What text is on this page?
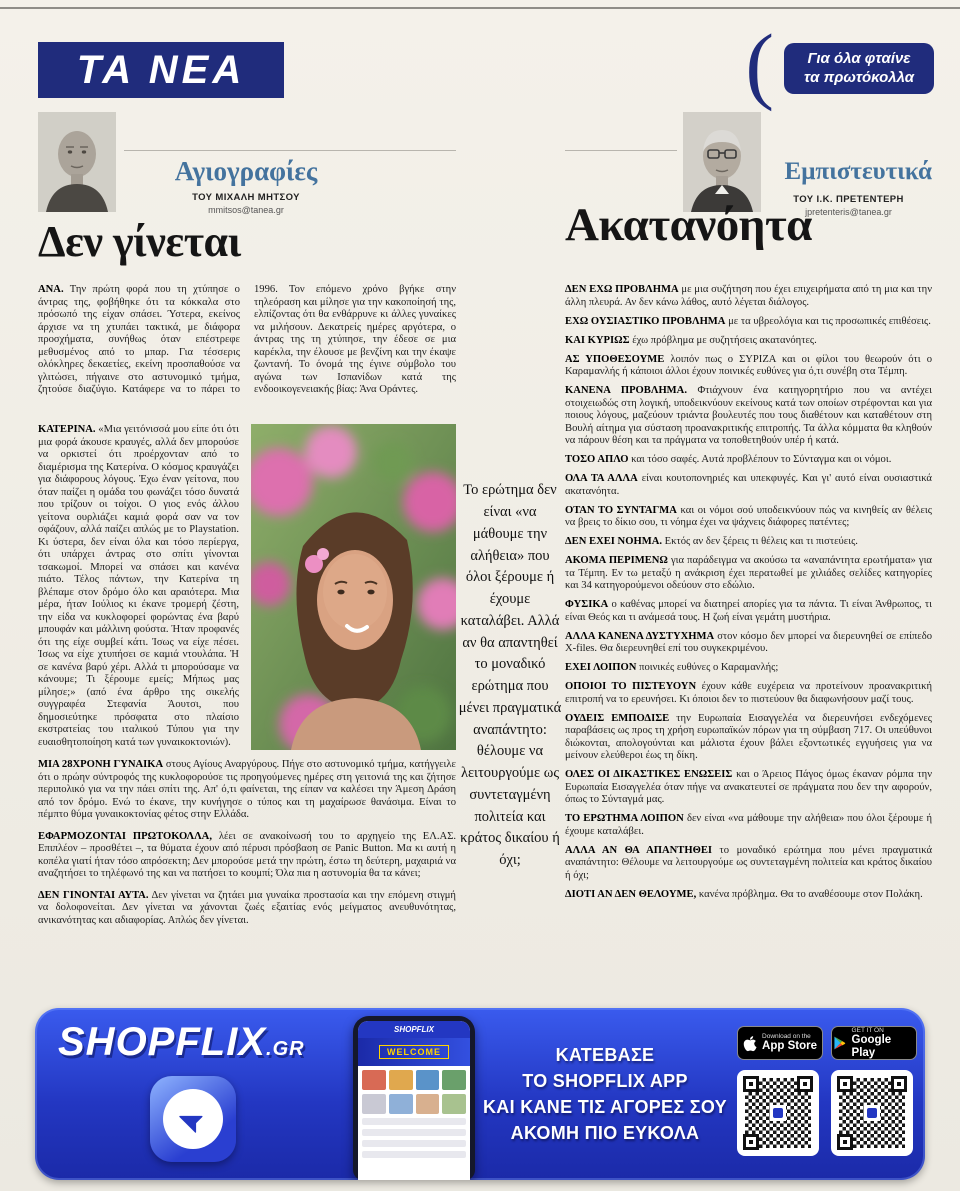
ΤΑ ΝΕΑ	(	Για όλα φταίνε
τα πρωτόκολλα
Αγιογραφίες
ΤΟΥ ΜΙΧΑΛΗ ΜΗΤΣΟΥ
mmitsos@tanea.gr
Εμπιστευτικά
ΤΟΥ Ι.Κ. ΠΡΕΤΕΝΤΕΡΗ
jpretenteris@tanea.gr
Δεν γίνεται	Ακατανόητα

ΑΝΑ. Την πρώτη φορά που τη χτύπησε ο άντρας της, φοβήθηκε ότι τα κόκκαλα στο πρόσωπό της είχαν σπάσει. Ύστερα, εκείνος άρχισε να τη χτυπάει τακτικά, με διάφορα προσχήματα, συνήθως όταν επέστρεφε μεθυσμένος από το μπαρ. Για τέσσερις ολόκληρες δεκαετίες, εκείνη προσπαθούσε να γλιτώσει, πήγαινε στο αστυνομικό τμήμα, ζητούσε διαζύγιο. Κατάφερε να το πάρει το 1996. Τον επόμενο χρόνο βγήκε στην τηλεόραση και μίλησε για την κακοποίησή της, ελπίζοντας ότι θα ενθάρρυνε κι άλλες γυναίκες να μιλήσουν. Δεκατρείς ημέρες αργότερα, ο άντρας της τη χτύπησε, την έδεσε σε μια καρέκλα, την έλουσε με βενζίνη και την έκαψε ζωντανή. Το όνομά της έγινε σύμβολο του αγώνα των Ισπανίδων κατά της ενδοοικογενειακής βίας: Άνα Οράντες.

ΚΑΤΕΡΙΝΑ. «Μια γειτόνισσά μου είπε ότι ότι μια φορά άκουσε κραυγές, αλλά δεν μπορούσε να ορκιστεί ότι προέρχονταν από το διαμέρισμα της Κατερίνα. Ο κόσμος κραυγάζει για διάφορους λόγους. Έχω έναν γείτονα, που όταν παίζει η ομάδα του φωνάζει τόσο δυνατά που τρίζουν οι τοίχοι. Ο γιος ενός άλλου γείτονα ουρλιάζει καμιά φορά σαν να τον σφάζουν, αλλά παίζει απλώς με το Playstation. Κι ύστερα, δεν είναι όλα και τόσο περίεργα, ότι υπάρχει άντρας στο σπίτι γίνονται τσακωμοί. Μπορεί να σπάσει και κανένα πιάτο. Τέλος πάντων, την Κατερίνα τη βλέπαμε στον δρόμο όλο και αραιότερα. Μια μέρα, ήταν Ιούλιος κι έκανε τρομερή ζέστη, την είδα να κυκλοφορεί φορώντας ένα βαρύ μπουφάν και μάλλινη φούστα. Ήταν προφανές ότι της είχε συμβεί κάτι. Ίσως να είχε πέσει. Ίσως να είχε χτυπήσει σε καμιά ντουλάπα. Ή σε κανένα βαρύ χέρι. Αλλά τι μπορούσαμε να κάνουμε; Τι ξέρουμε εμείς; Μήπως μας μίλησε;» (από ένα άρθρο της σικελής συγγραφέα Στεφανία Άουτσι, που δημοσιεύτηκε πρόσφατα στο πλαίσιο εκστρατείας του ιταλικού Τύπου για την ευαισθητοποίηση κατά των γυναικοκτονιών).

ΜΙΑ 28ΧΡΟΝΗ ΓΥΝΑΙΚΑ στους Αγίους Αναργύρους. Πήγε στο αστυνομικό τμήμα, κατήγγειλε ότι ο πρώην σύντροφός της κυκλοφορούσε τις προηγούμενες ημέρες στη γειτονιά της και ζήτησε περιπολικό για να την πάει σπίτι της. Απ' ό,τι φαίνεται, της είπαν να καλέσει την Άμεση Δράση από τον δρόμο. Ενώ το έκανε, την κυνήγησε ο τύπος και τη μαχαίρωσε θανάσιμα. Είναι το πέμπτο θύμα γυναικοκτονίας φέτος στην Ελλάδα.

ΕΦΑΡΜΟΖΟΝΤΑΙ ΠΡΩΤΟΚΟΛΛΑ, λέει σε ανακοίνωσή του το αρχηγείο της ΕΛ.ΑΣ. Επιπλέον – προσθέτει –, τα θύματα έχουν από πέρυσι πρόσβαση σε Panic Button. Μα κι αυτή η κοπέλα γιατί ήταν τόσο απρόσεκτη; Δεν μπορούσε μετά την πρώτη, έστω τη δεύτερη, μαχαιριά να αναζητήσει το τηλέφωνό της και να πατήσει το κουμπί; Όλα πια η αστυνομία θα τα κάνει;

ΔΕΝ ΓΙΝΟΝΤΑΙ ΑΥΤΑ. Δεν γίνεται να ζητάει μια γυναίκα προστασία και την επόμενη στιγμή να δολοφονείται. Δεν γίνεται να χάνονται ζωές εξαιτίας ενός μείγματος ανευθυνότητας, ανικανότητας και αδιαφορίας. Απλώς δεν γίνεται.

Το ερώτημα δεν είναι «να μάθουμε την αλήθεια» που όλοι ξέρουμε ή έχουμε καταλάβει. Αλλά αν θα απαντηθεί το μοναδικό ερώτημα που μένει πραγματικά αναπάντητο: θέλουμε να λειτουργούμε ως συντεταγμένη πολιτεία και κράτος δικαίου ή όχι;

ΔΕΝ ΕΧΩ ΠΡΟΒΛΗΜΑ με μια συζήτηση που έχει επιχειρήματα από τη μια και την άλλη πλευρά. Αν δεν κάνω λάθος, αυτό λέγεται διάλογος.

ΕΧΩ ΟΥΣΙΑΣΤΙΚΟ ΠΡΟΒΛΗΜΑ με τα υβρεολόγια και τις προσωπικές επιθέσεις.

ΚΑΙ ΚΥΡΙΩΣ έχω πρόβλημα με συζητήσεις ακατανόητες.

ΑΣ ΥΠΟΘΕΣΟΥΜΕ λοιπόν πως ο ΣΥΡΙΖΑ και οι φίλοι του θεωρούν ότι ο Καραμανλής ή κάποιοι άλλοι έχουν ποινικές ευθύνες για ό,τι συνέβη στα Τέμπη.

ΚΑΝΕΝΑ ΠΡΟΒΛΗΜΑ. Φτιάχνουν ένα κατηγορητήριο που να αντέχει στοιχειωδώς στη λογική, υποδεικνύουν εκείνους κατά των οποίων στρέφονται και για ποιους λόγους, μαζεύουν τριάντα βουλευτές που τους διαθέτουν και καταθέτουν στη Βουλή αίτημα για σύσταση προανακριτικής επιτροπής. Τα άλλα κόμματα θα κληθούν να πάρουν θέση και τα πράγματα να τοποθετηθούν υπέρ ή κατά.

ΤΟΣΟ ΑΠΛΟ και τόσο σαφές. Αυτά προβλέπουν το Σύνταγμα και οι νόμοι.

ΟΛΑ ΤΑ ΑΛΛΑ είναι κουτοπονηριές και υπεκφυγές. Και γι' αυτό είναι ουσιαστικά ακατανόητα.

ΟΤΑΝ ΤΟ ΣΥΝΤΑΓΜΑ και οι νόμοι σού υποδεικνύουν πώς να κινηθείς αν θέλεις να βρεις το δίκιο σου, τι νόημα έχει να ψάχνεις διάφορες πατέντες;

ΔΕΝ ΕΧΕΙ ΝΟΗΜΑ. Εκτός αν δεν ξέρεις τι θέλεις και τι πιστεύεις.

ΑΚΟΜΑ ΠΕΡΙΜΕΝΩ για παράδειγμα να ακούσω τα «αναπάντητα ερωτήματα» για τα Τέμπη. Εν τω μεταξύ η ανάκριση έχει περατωθεί με χιλιάδες σελίδες κατηγορίες και 34 κατηγορούμενοι οδεύουν στο εδώλιο.

ΦΥΣΙΚΑ ο καθένας μπορεί να διατηρεί απορίες για τα πάντα. Τι είναι Άνθρωπος, τι είναι Θεός και τι ανάμεσά τους. Η ζωή είναι γεμάτη μυστήρια.

ΑΛΛΑ ΚΑΝΕΝΑ ΔΥΣΤΥΧΗΜΑ στον κόσμο δεν μπορεί να διερευνηθεί σε επίπεδο X-files. Θα διερευνηθεί επί του συγκεκριμένου.

ΕΧΕΙ ΛΟΙΠΟΝ ποινικές ευθύνες ο Καραμανλής;

ΟΠΟΙΟΙ ΤΟ ΠΙΣΤΕΥΟΥΝ έχουν κάθε ευχέρεια να προτείνουν προανακριτική επιτροπή να το ερευνήσει. Κι όποιοι δεν το πιστεύουν θα διαφωνήσουν μαζί τους.

ΟΥΔΕΙΣ ΕΜΠΟΔΙΣΕ την Ευρωπαία Εισαγγελέα να διερευνήσει ενδεχόμενες παραβάσεις ως προς τη χρήση ευρωπαϊκών πόρων για τη σύμβαση 717. Οι υπεύθυνοι διώκονται, απολογούνται και μάλιστα έχουν βάλει εξοντωτικές εγγυήσεις για να μείνουν ελεύθεροι έως τη δίκη.

ΟΛΕΣ ΟΙ ΔΙΚΑΣΤΙΚΕΣ ΕΝΩΣΕΙΣ και ο Άρειος Πάγος όμως έκαναν ρόμπα την Ευρωπαία Εισαγγελέα όταν πήγε να ανακατευτεί σε πράγματα που δεν την αφορούν, όπως το Σύνταγμά μας.

ΤΟ ΕΡΩΤΗΜΑ ΛΟΙΠΟΝ δεν είναι «να μάθουμε την αλήθεια» που όλοι ξέρουμε ή έχουμε καταλάβει.

ΑΛΛΑ ΑΝ ΘΑ ΑΠΑΝΤΗΘΕΙ το μοναδικό ερώτημα που μένει πραγματικά αναπάντητο: Θέλουμε να λειτουργούμε ως συντεταγμένη πολιτεία και κράτος δικαίου ή όχι;

ΔΙΟΤΙ ΑΝ ΔΕΝ ΘΕΛΟΥΜΕ, κανένα πρόβλημα. Θα το αναθέσουμε στον Πολάκη.

SHOPFLIX.GR
SHOPFLIX
WELCOME	ΚΑΤΕΒΑΣΕ
ΤΟ SHOPFLIX APP
ΚΑΙ ΚΑΝΕ ΤΙΣ ΑΓΟΡΕΣ ΣΟΥ
ΑΚΟΜΗ ΠΙΟ ΕΥΚΟΛΑ
Download on the
App Store
GET IT ON
Google Play
